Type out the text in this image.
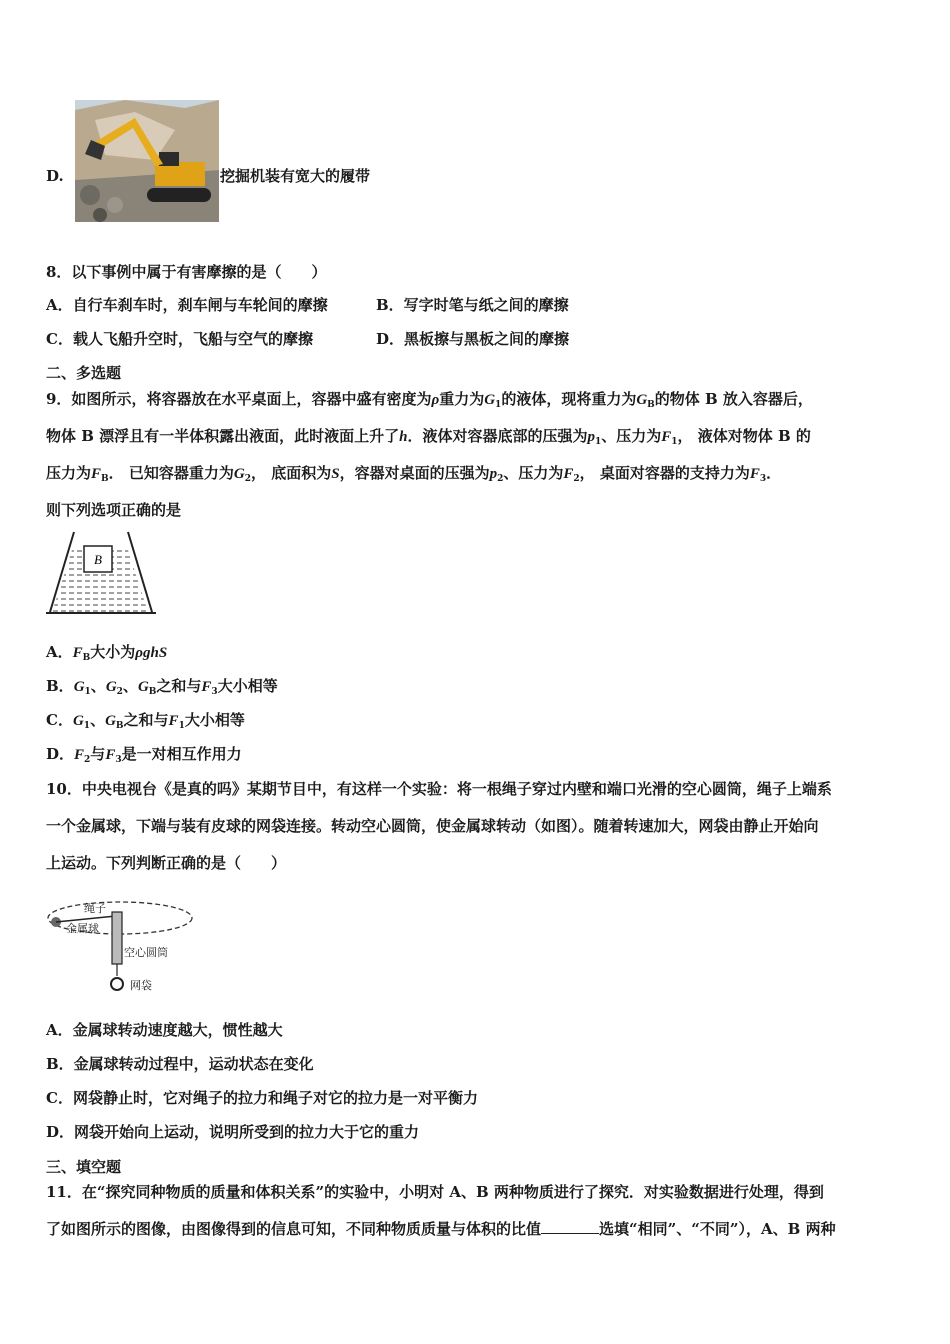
D.	挖掘机装有宽大的履带
8．以下事例中属于有害摩擦的是（　　）
A．自行车刹车时，刹车闸与车轮间的摩擦	B．写字时笔与纸之间的摩擦
C．载人飞船升空时，飞船与空气的摩擦	D．黑板擦与黑板之间的摩擦
二、多选题
9．如图所示，将容器放在水平桌面上，容器中盛有密度为ρ重力为$G_1$的液体，现将重力为$G_B$的物体 B 放入容器后，
物体 B 漂浮且有一半体积露出液面，此时液面上升了h．液体对容器底部的压强为$p_1$、压力为$F_1$， 液体对物体 B 的
压力为$F_B$． 已知容器重力为$G_2$， 底面积为S，容器对桌面的压强为$p_2$、压力为$F_2$， 桌面对容器的支持力为$F_3$．
则下列选项正确的是
B
A．$F_B$大小为ρghS
B．$G_1$、$G_2$、$G_B$之和与$F_3$大小相等
C．$G_1$、$G_B$之和与$F_1$大小相等
D．$F_2$与$F_3$是一对相互作用力
10．中央电视台《是真的吗》某期节目中，有这样一个实验：将一根绳子穿过内壁和端口光滑的空心圆筒，绳子上端系
一个金属球，下端与装有皮球的网袋连接。转动空心圆筒，使金属球转动（如图）。随着转速加大，网袋由静止开始向
上运动。下列判断正确的是（　　）
绳子
金属球
空心圆筒
网袋
A．金属球转动速度越大，惯性越大
B．金属球转动过程中，运动状态在变化
C．网袋静止时，它对绳子的拉力和绳子对它的拉力是一对平衡力
D．网袋开始向上运动，说明所受到的拉力大于它的重力
三、填空题
11．在“探究同种物质的质量和体积关系”的实验中，小明对 A、B 两种物质进行了探究．对实验数据进行处理，得到
了如图所示的图像，由图像得到的信息可知，不同种物质质量与体积的比值	选填“相同”、“不同”），A、B 两种
